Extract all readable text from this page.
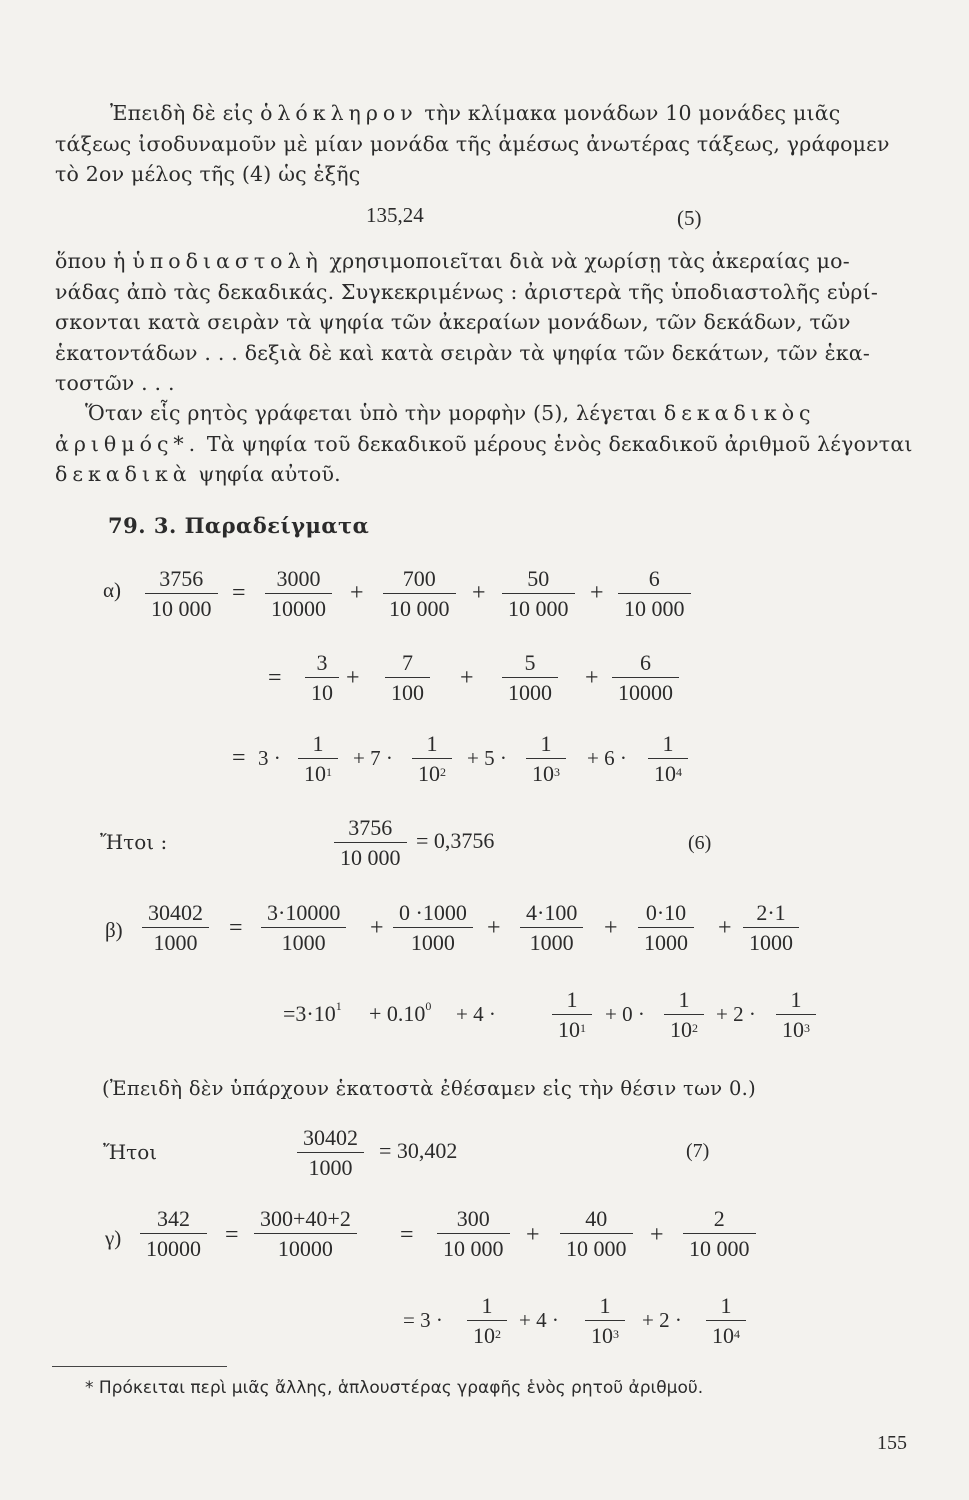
Ἐπειδὴ δὲ εἰς ὁλόκληρον τὴν κλίμακα μονάδων 10 μονάδες μιᾶς
τάξεως ἰσοδυναμοῦν μὲ μίαν μονάδα τῆς ἀμέσως ἀνωτέρας τάξεως, γράφομεν
τὸ 2ον μέλος τῆς (4) ὡς ἑξῆς
135,24	(5)
ὅπου ἡ ὑποδιαστολὴ χρησιμοποιεῖται διὰ νὰ χωρίσῃ τὰς ἀκεραίας μο-
νάδας ἀπὸ τὰς δεκαδικάς. Συγκεκριμένως : ἀριστερὰ τῆς ὑποδιαστολῆς εὑρί-
σκονται κατὰ σειρὰν τὰ ψηφία τῶν ἀκεραίων μονάδων, τῶν δεκάδων, τῶν
ἑκατοντάδων . . . δεξιὰ δὲ καὶ κατὰ σειρὰν τὰ ψηφία τῶν δεκάτων, τῶν ἑκα-
τοστῶν . . .
Ὅταν εἷς ρητὸς γράφεται ὑπὸ τὴν μορφὴν (5), λέγεται δεκαδικὸς
ἀριθμός*. Τὰ ψηφία τοῦ δεκαδικοῦ μέρους ἑνὸς δεκαδικοῦ ἀριθμοῦ λέγονται
δεκαδικὰ ψηφία αὐτοῦ.
79. 3. Παραδείγματα
$\alpha) \frac{3756}{10 000} = \frac{3000}{10000} + \frac{700}{10 000} + \frac{50}{10 000} + \frac{6}{10 000}$
= $\frac{3}{10} + \frac{7}{100} + \frac{5}{1000} + \frac{6}{10000}$
= $3 \cdot \frac{1}{10^1} + 7 \cdot \frac{1}{10^2} + 5 \cdot \frac{1}{10^3} + 6 \cdot \frac{1}{10^4}$
Ἤτοι :	$\frac{3756}{10 000} = 0,3756$	(6)
$\beta) \frac{30402}{1000} = \frac{3\cdot 10000}{1000} + \frac{0 \cdot 1000}{1000} + \frac{4\cdot 100}{1000} + \frac{0\cdot 10}{1000} + \frac{2\cdot 1}{1000}$
$=3\cdot 10^1 + 0.10^0 + 4$ ·	$\frac{1}{10^1} + 0 \cdot \frac{1}{10^2} + 2 \cdot \frac{1}{10^3}$
(Ἐπειδὴ δὲν ὑπάρχουν ἑκατοστὰ ἐθέσαμεν εἰς τὴν θέσιν των 0.)
Ἤτοι	$\frac{30402}{1000} = 30,402$	(7)
$\gamma) \frac{342}{10000} = \frac{300+40+2}{10000} = \frac{300}{10 000} + \frac{40}{10 000} + \frac{2}{10 000}$
= $3 \cdot \frac{1}{10^2} + 4 \cdot \frac{1}{10^3} + 2 \cdot \frac{1}{10^4}$
* Πρόκειται περὶ μιᾶς ἄλλης, ἁπλουστέρας γραφῆς ἑνὸς ρητοῦ ἀριθμοῦ.
155
